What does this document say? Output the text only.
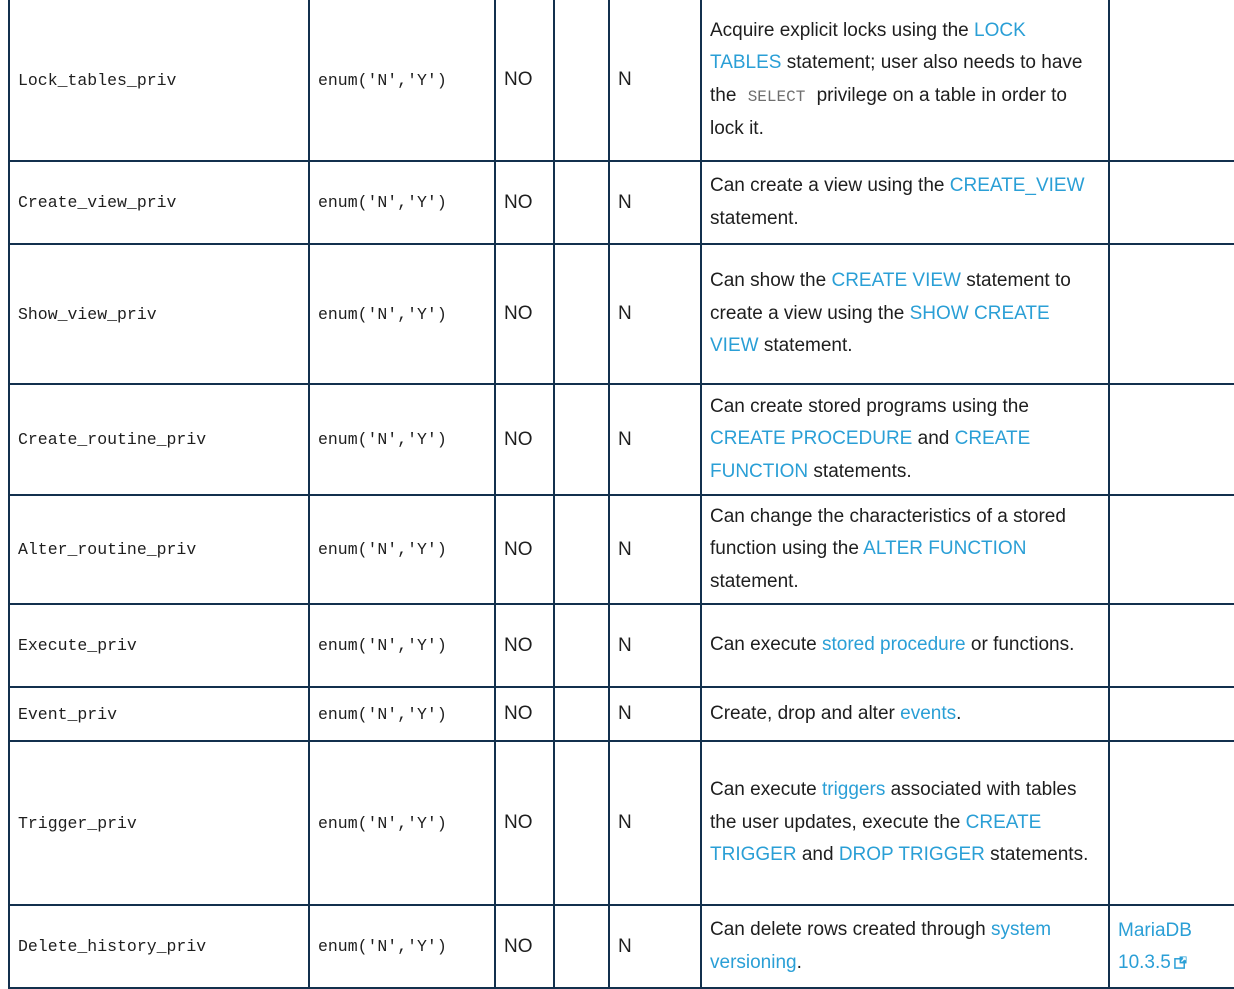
Lock_tables_priv	enum('N','Y')	NO		N	Acquire explicit locks using the LOCK TABLES statement; user also needs to have the SELECT privilege on a table in order to lock it.	
Create_view_priv	enum('N','Y')	NO		N	Can create a view using the CREATE_VIEW statement.	
Show_view_priv	enum('N','Y')	NO		N	Can show the CREATE VIEW statement to create a view using the SHOW CREATE VIEW statement.	
Create_routine_priv	enum('N','Y')	NO		N	Can create stored programs using the CREATE PROCEDURE and CREATE FUNCTION statements.	
Alter_routine_priv	enum('N','Y')	NO		N	Can change the characteristics of a stored function using the ALTER FUNCTION statement.	
Execute_priv	enum('N','Y')	NO		N	Can execute stored procedure or functions.	
Event_priv	enum('N','Y')	NO		N	Create, drop and alter events.	
Trigger_priv	enum('N','Y')	NO		N	Can execute triggers associated with tables the user updates, execute the CREATE TRIGGER and DROP TRIGGER statements.	
Delete_history_priv	enum('N','Y')	NO		N	Can delete rows created through system versioning.	MariaDB 10.3.5
